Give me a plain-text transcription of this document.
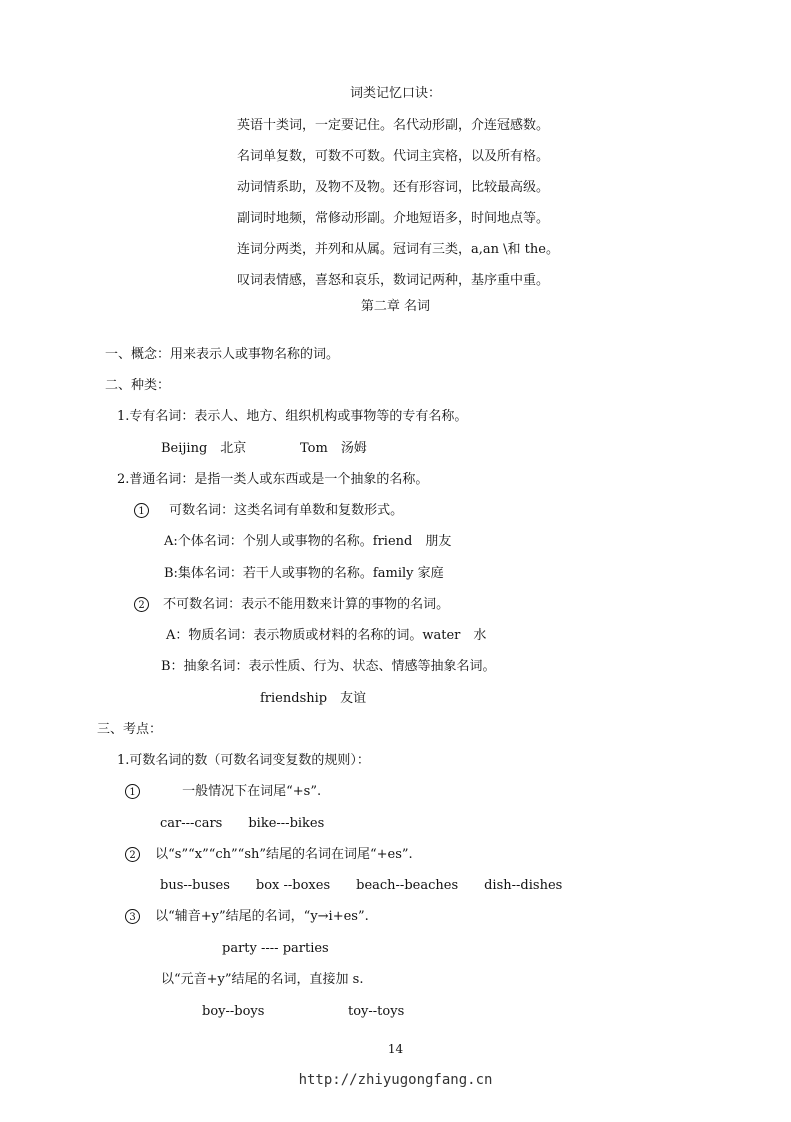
词类记忆口诀：
英语十类词，一定要记住。名代动形副，介连冠感数。
名词单复数，可数不可数。代词主宾格，以及所有格。
动词情系助，及物不及物。还有形容词，比较最高级。
副词时地频，常修动形副。介地短语多，时间地点等。
连词分两类，并列和从属。冠词有三类，a,an \和 the。
叹词表情感，喜怒和哀乐，数词记两种，基序重中重。
第二章 名词
一、概念：用来表示人或事物名称的词。
二、种类：
1.专有名词：表示人、地方、组织机构或事物等的专有名称。
Beijing　北京	Tom　汤姆
2.普通名词：是指一类人或东西或是一个抽象的名称。
1 可数名词：这类名词有单数和复数形式。
A:个体名词：个别人或事物的名称。friend　朋友
B:集体名词：若干人或事物的名称。family 家庭
2 不可数名词：表示不能用数来计算的事物的名词。
A：物质名词：表示物质或材料的名称的词。water　水
B：抽象名词：表示性质、行为、状态、情感等抽象名词。
friendship　友谊
三、考点：
1.可数名词的数（可数名词变复数的规则）：
1	一般情况下在词尾“+s”.
car---cars　　bike---bikes
2 以“s”“x”“ch”“sh”结尾的名词在词尾“+es”.
bus--buses　　box --boxes　　beach--beaches　　dish--dishes
3 以“辅音+y”结尾的名词，“y→i+es”.
party ---- parties
以“元音+y”结尾的名词，直接加 s.
boy--boys	toy--toys
14
http://zhiyugongfang.cn
